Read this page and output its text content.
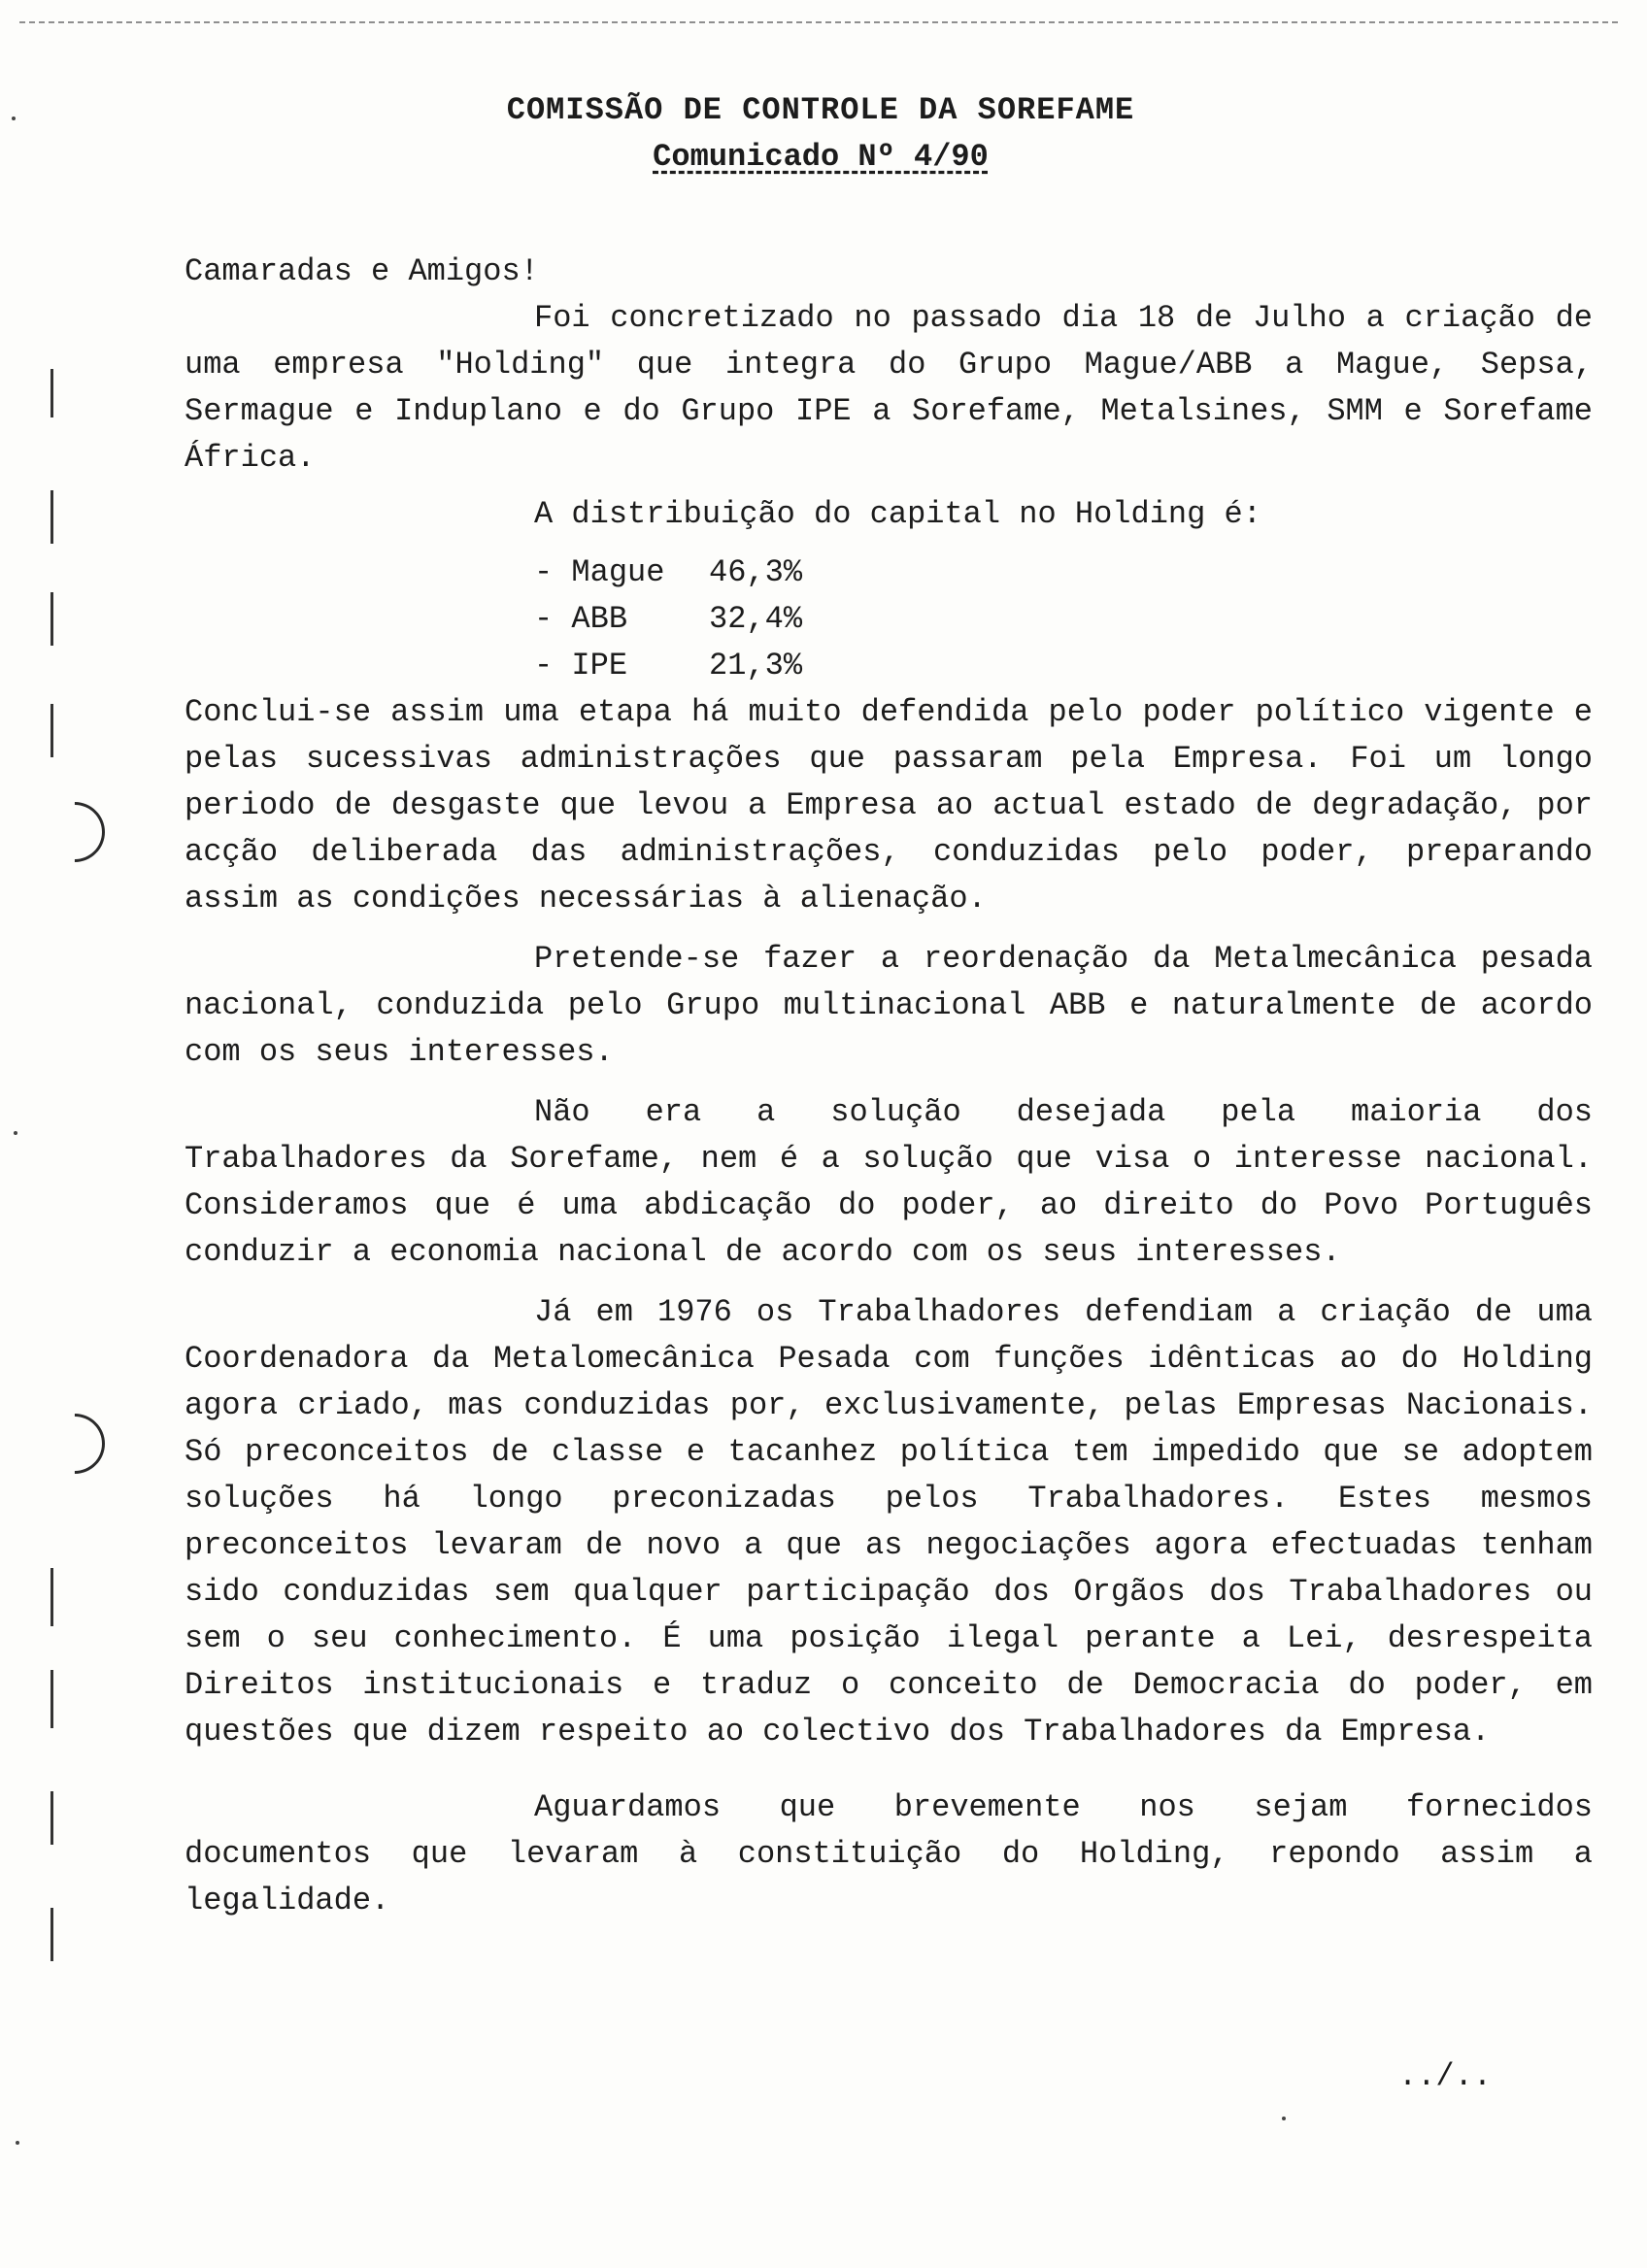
COMISSÃO DE CONTROLE DA SOREFAME
Comunicado Nº 4/90
Camaradas e Amigos!

Foi concretizado no passado dia 18 de Julho a criação de uma empresa "Holding" que integra do Grupo Mague/ABB a Mague, Sepsa, Sermague e Induplano e do Grupo IPE a Sorefame, Metalsines, SMM e Sorefame África.

A distribuição do capital no Holding é:
- Mague	46,3%
- ABB	32,4%
- IPE	21,3%

Conclui-se assim uma etapa há muito defendida pelo poder político vigente e pelas sucessivas administrações que passaram pela Empresa. Foi um longo periodo de desgaste que levou a Empresa ao actual estado de degradação, por acção deliberada das administrações, conduzidas pelo poder, preparando assim as condições necessárias à alienação.

Pretende-se fazer a reordenação da Metalmecânica pesada nacional, conduzida pelo Grupo multinacional ABB e naturalmente de acordo com os seus interesses.

Não era a solução desejada pela maioria dos Trabalhadores da Sorefame, nem é a solução que visa o interesse nacional. Consideramos que é uma abdicação do poder, ao direito do Povo Português conduzir a economia nacional de acordo com os seus interesses.

Já em 1976 os Trabalhadores defendiam a criação de uma Coordenadora da Metalomecânica Pesada com funções idênticas ao do Holding agora criado, mas conduzidas por, exclusivamente, pelas Empresas Nacionais. Só preconceitos de classe e tacanhez política tem impedido que se adoptem soluções há longo preconizadas pelos Trabalhadores. Estes mesmos preconceitos levaram de novo a que as negociações agora efectuadas tenham sido conduzidas sem qualquer participação dos Orgãos dos Trabalhadores ou sem o seu conhecimento. É uma posição ilegal perante a Lei, desrespeita Direitos institucionais e traduz o conceito de Democracia do poder, em questões que dizem respeito ao colectivo dos Trabalhadores da Empresa.

Aguardamos que brevemente nos sejam fornecidos documentos que levaram à constituição do Holding, repondo assim a legalidade.

../..
